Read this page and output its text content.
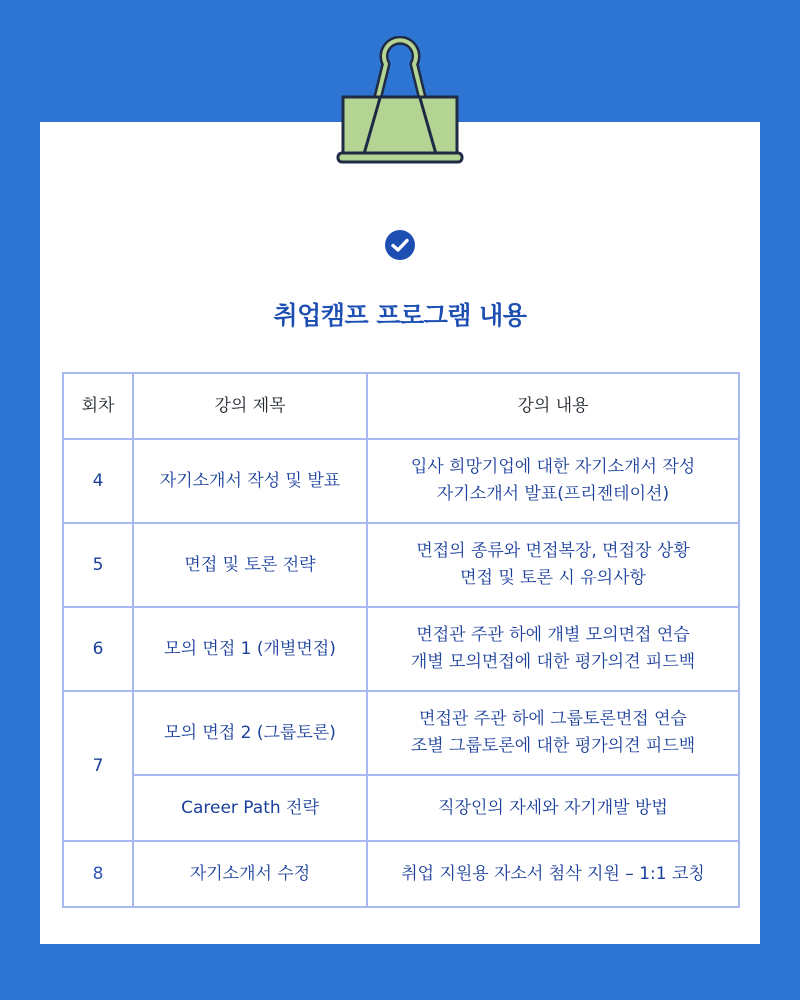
취업캠프 프로그램 내용
회차	강의 제목	강의 내용
4	자기소개서 작성 및 발표	입사 희망기업에 대한 자기소개서 작성
자기소개서 발표(프리젠테이션)

5	면접 및 토론 전략	면접의 종류와 면접복장, 면접장 상황
면접 및 토론 시 유의사항

6	모의 면접 1 (개별면접)	면접관 주관 하에 개별 모의면접 연습
개별 모의면접에 대한 평가의견 피드백

7	모의 면접 2 (그룹토론)	면접관 주관 하에 그룹토론면접 연습
조별 그룹토론에 대한 평가의견 피드백

	Career Path 전략	직장인의 자세와 자기개발 방법

8	자기소개서 수정	취업 지원용 자소서 첨삭 지원 – 1:1 코칭
